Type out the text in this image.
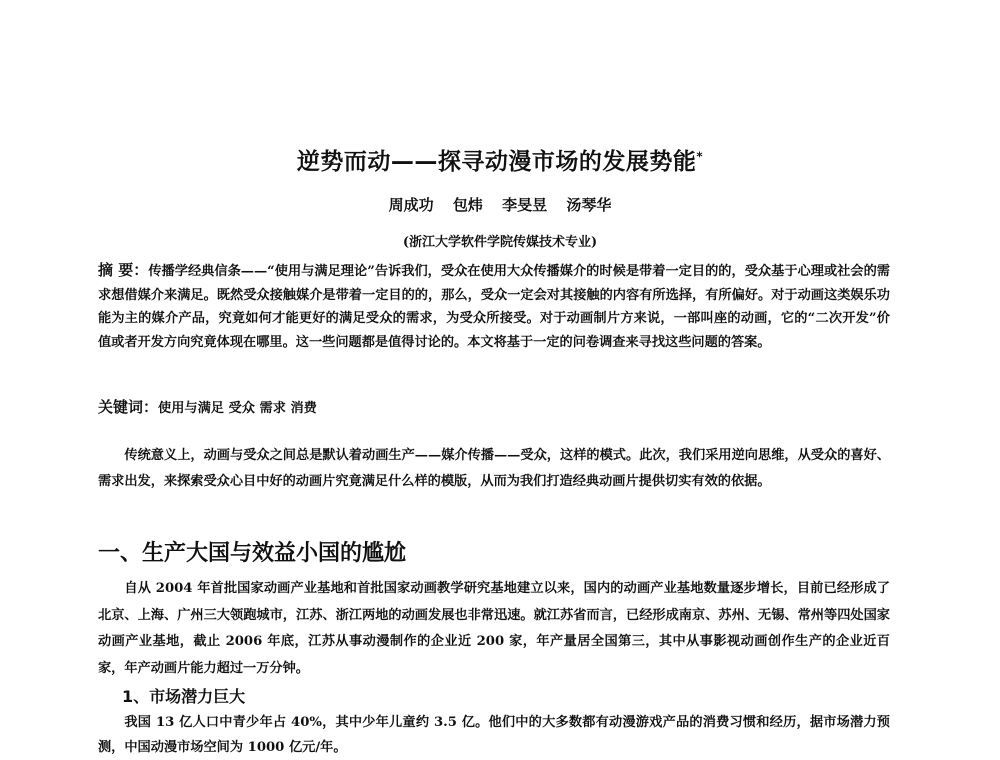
逆势而动——探寻动漫市场的发展势能*
周成功 包炜 李旻昱 汤琴华
(浙江大学软件学院传媒技术专业)
摘 要：传播学经典信条——“使用与满足理论”告诉我们，受众在使用大众传播媒介的时候是带着一定目的的，受众基于心理或社会的需求想借媒介来满足。既然受众接触媒介是带着一定目的的，那么，受众一定会对其接触的内容有所选择，有所偏好。对于动画这类娱乐功能为主的媒介产品，究竟如何才能更好的满足受众的需求，为受众所接受。对于动画制片方来说，一部叫座的动画，它的“二次开发”价值或者开发方向究竟体现在哪里。这一些问题都是值得讨论的。本文将基于一定的问卷调查来寻找这些问题的答案。
关键词：使用与满足 受众 需求 消费
传统意义上，动画与受众之间总是默认着动画生产——媒介传播——受众，这样的模式。此次，我们采用逆向思维，从受众的喜好、需求出发，来探索受众心目中好的动画片究竟满足什么样的模版，从而为我们打造经典动画片提供切实有效的依据。
一、生产大国与效益小国的尴尬
自从 2004 年首批国家动画产业基地和首批国家动画教学研究基地建立以来，国内的动画产业基地数量逐步增长，目前已经形成了北京、上海、广州三大领跑城市，江苏、浙江两地的动画发展也非常迅速。就江苏省而言，已经形成南京、苏州、无锡、常州等四处国家动画产业基地，截止 2006 年底，江苏从事动漫制作的企业近 200 家，年产量居全国第三，其中从事影视动画创作生产的企业近百家，年产动画片能力超过一万分钟。
1、市场潜力巨大
我国 13 亿人口中青少年占 40%，其中少年儿童约 3.5 亿。他们中的大多数都有动漫游戏产品的消费习惯和经历，据市场潜力预测，中国动漫市场空间为 1000 亿元/年。
